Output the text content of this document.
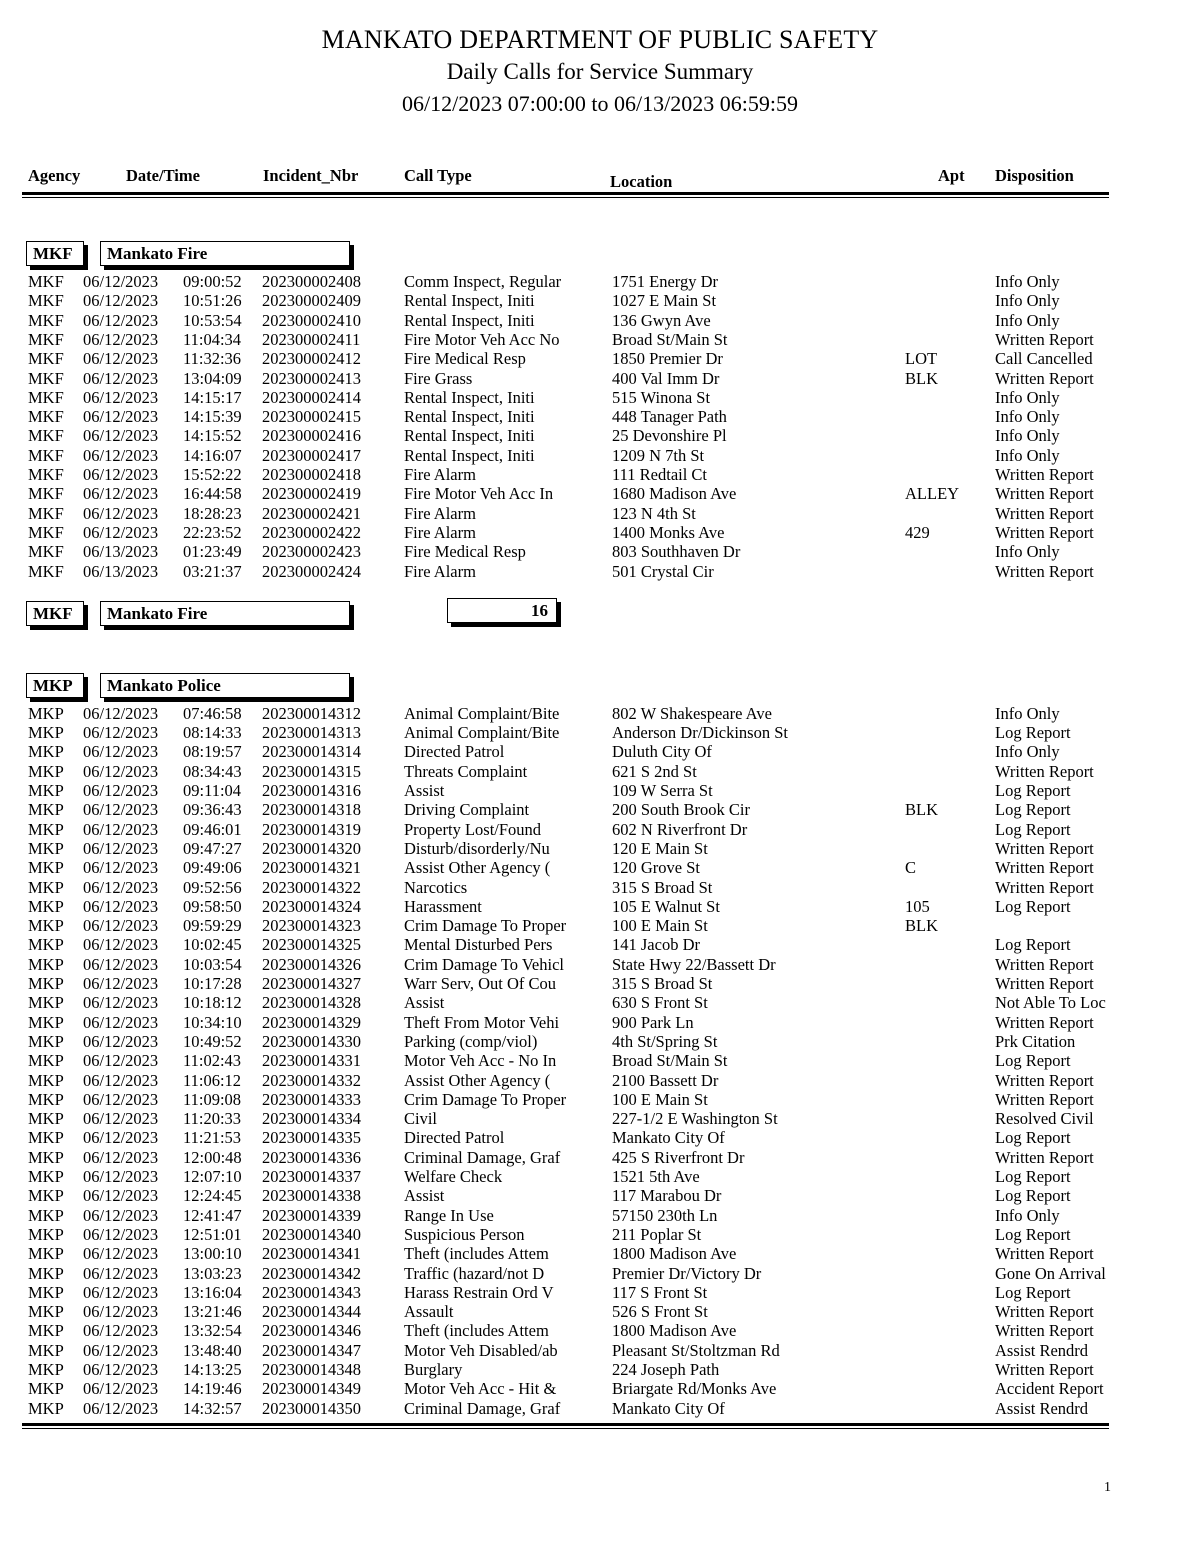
MANKATO DEPARTMENT OF PUBLIC SAFETY
Daily Calls for Service Summary
06/12/2023 07:00:00 to 06/13/2023 06:59:59
Agency	Date/Time	Incident_Nbr	Call Type	Location	Apt Disposition
MKF	Mankato Fire
MKF 06/12/2023 09:00:52 202300002408	Comm Inspect, Regular	1751 Energy Dr	Info Only
MKF 06/12/2023 10:51:26 202300002409	Rental Inspect, Initi	1027 E Main St	Info Only
MKF 06/12/2023 10:53:54 202300002410	Rental Inspect, Initi	136 Gwyn Ave	Info Only
MKF 06/12/2023 11:04:34 202300002411	Fire Motor Veh Acc No	Broad St/Main St	Written Report
MKF 06/12/2023 11:32:36 202300002412	Fire Medical Resp	1850 Premier Dr	LOT	Call Cancelled
MKF 06/12/2023 13:04:09 202300002413	Fire Grass	400 Val Imm Dr	BLK	Written Report
MKF 06/12/2023 14:15:17 202300002414	Rental Inspect, Initi	515 Winona St	Info Only
MKF 06/12/2023 14:15:39 202300002415	Rental Inspect, Initi	448 Tanager Path	Info Only
MKF 06/12/2023 14:15:52 202300002416	Rental Inspect, Initi	25 Devonshire Pl	Info Only
MKF 06/12/2023 14:16:07 202300002417	Rental Inspect, Initi	1209 N 7th St	Info Only
MKF 06/12/2023 15:52:22 202300002418	Fire Alarm	111 Redtail Ct	Written Report
MKF 06/12/2023 16:44:58 202300002419	Fire Motor Veh Acc In	1680 Madison Ave	ALLEY Written Report
MKF 06/12/2023 18:28:23 202300002421	Fire Alarm	123 N 4th St	Written Report
MKF 06/12/2023 22:23:52 202300002422	Fire Alarm	1400 Monks Ave	429	Written Report
MKF 06/13/2023 01:23:49 202300002423	Fire Medical Resp	803 Southhaven Dr	Info Only
MKF 06/13/2023 03:21:37 202300002424	Fire Alarm	501 Crystal Cir	Written Report
MKF	Mankato Fire	16
MKP	Mankato Police
MKP 06/12/2023 07:46:58 202300014312	Animal Complaint/Bite	802 W Shakespeare Ave	Info Only
MKP 06/12/2023 08:14:33 202300014313	Animal Complaint/Bite	Anderson Dr/Dickinson St	Log Report
MKP 06/12/2023 08:19:57 202300014314	Directed Patrol	Duluth City Of	Info Only
MKP 06/12/2023 08:34:43 202300014315	Threats Complaint	621 S 2nd St	Written Report
MKP 06/12/2023 09:11:04 202300014316	Assist	109 W Serra St	Log Report
MKP 06/12/2023 09:36:43 202300014318	Driving Complaint	200 South Brook Cir	BLK	Log Report
MKP 06/12/2023 09:46:01 202300014319	Property Lost/Found	602 N Riverfront Dr	Log Report
MKP 06/12/2023 09:47:27 202300014320	Disturb/disorderly/Nu	120 E Main St	Written Report
MKP 06/12/2023 09:49:06 202300014321	Assist Other Agency (	120 Grove St	C	Written Report
MKP 06/12/2023 09:52:56 202300014322	Narcotics	315 S Broad St	Written Report
MKP 06/12/2023 09:58:50 202300014324	Harassment	105 E Walnut St	105	Log Report
MKP 06/12/2023 09:59:29 202300014323	Crim Damage To Proper	100 E Main St	BLK
MKP 06/12/2023 10:02:45 202300014325	Mental Disturbed Pers	141 Jacob Dr	Log Report
MKP 06/12/2023 10:03:54 202300014326	Crim Damage To Vehicl	State Hwy 22/Bassett Dr	Written Report
MKP 06/12/2023 10:17:28 202300014327	Warr Serv, Out Of Cou	315 S Broad St	Written Report
MKP 06/12/2023 10:18:12 202300014328	Assist	630 S Front St	Not Able To Loc
MKP 06/12/2023 10:34:10 202300014329	Theft From Motor Vehi	900 Park Ln	Written Report
MKP 06/12/2023 10:49:52 202300014330	Parking (comp/viol)	4th St/Spring St	Prk Citation
MKP 06/12/2023 11:02:43 202300014331	Motor Veh Acc - No In	Broad St/Main St	Log Report
MKP 06/12/2023 11:06:12 202300014332	Assist Other Agency (	2100 Bassett Dr	Written Report
MKP 06/12/2023 11:09:08 202300014333	Crim Damage To Proper	100 E Main St	Written Report
MKP 06/12/2023 11:20:33 202300014334	Civil	227-1/2 E Washington St	Resolved Civil
MKP 06/12/2023 11:21:53 202300014335	Directed Patrol	Mankato City Of	Log Report
MKP 06/12/2023 12:00:48 202300014336	Criminal Damage, Graf	425 S Riverfront Dr	Written Report
MKP 06/12/2023 12:07:10 202300014337	Welfare Check	1521 5th Ave	Log Report
MKP 06/12/2023 12:24:45 202300014338	Assist	117 Marabou Dr	Log Report
MKP 06/12/2023 12:41:47 202300014339	Range In Use	57150 230th Ln	Info Only
MKP 06/12/2023 12:51:01 202300014340	Suspicious Person	211 Poplar St	Log Report
MKP 06/12/2023 13:00:10 202300014341	Theft (includes Attem	1800 Madison Ave	Written Report
MKP 06/12/2023 13:03:23 202300014342	Traffic (hazard/not D	Premier Dr/Victory Dr	Gone On Arrival
MKP 06/12/2023 13:16:04 202300014343	Harass Restrain Ord V	117 S Front St	Log Report
MKP 06/12/2023 13:21:46 202300014344	Assault	526 S Front St	Written Report
MKP 06/12/2023 13:32:54 202300014346	Theft (includes Attem	1800 Madison Ave	Written Report
MKP 06/12/2023 13:48:40 202300014347	Motor Veh Disabled/ab	Pleasant St/Stoltzman Rd	Assist Rendrd
MKP 06/12/2023 14:13:25 202300014348	Burglary	224 Joseph Path	Written Report
MKP 06/12/2023 14:19:46 202300014349	Motor Veh Acc - Hit &	Briargate Rd/Monks Ave	Accident Report
MKP 06/12/2023 14:32:57 202300014350	Criminal Damage, Graf	Mankato City Of	Assist Rendrd
1
